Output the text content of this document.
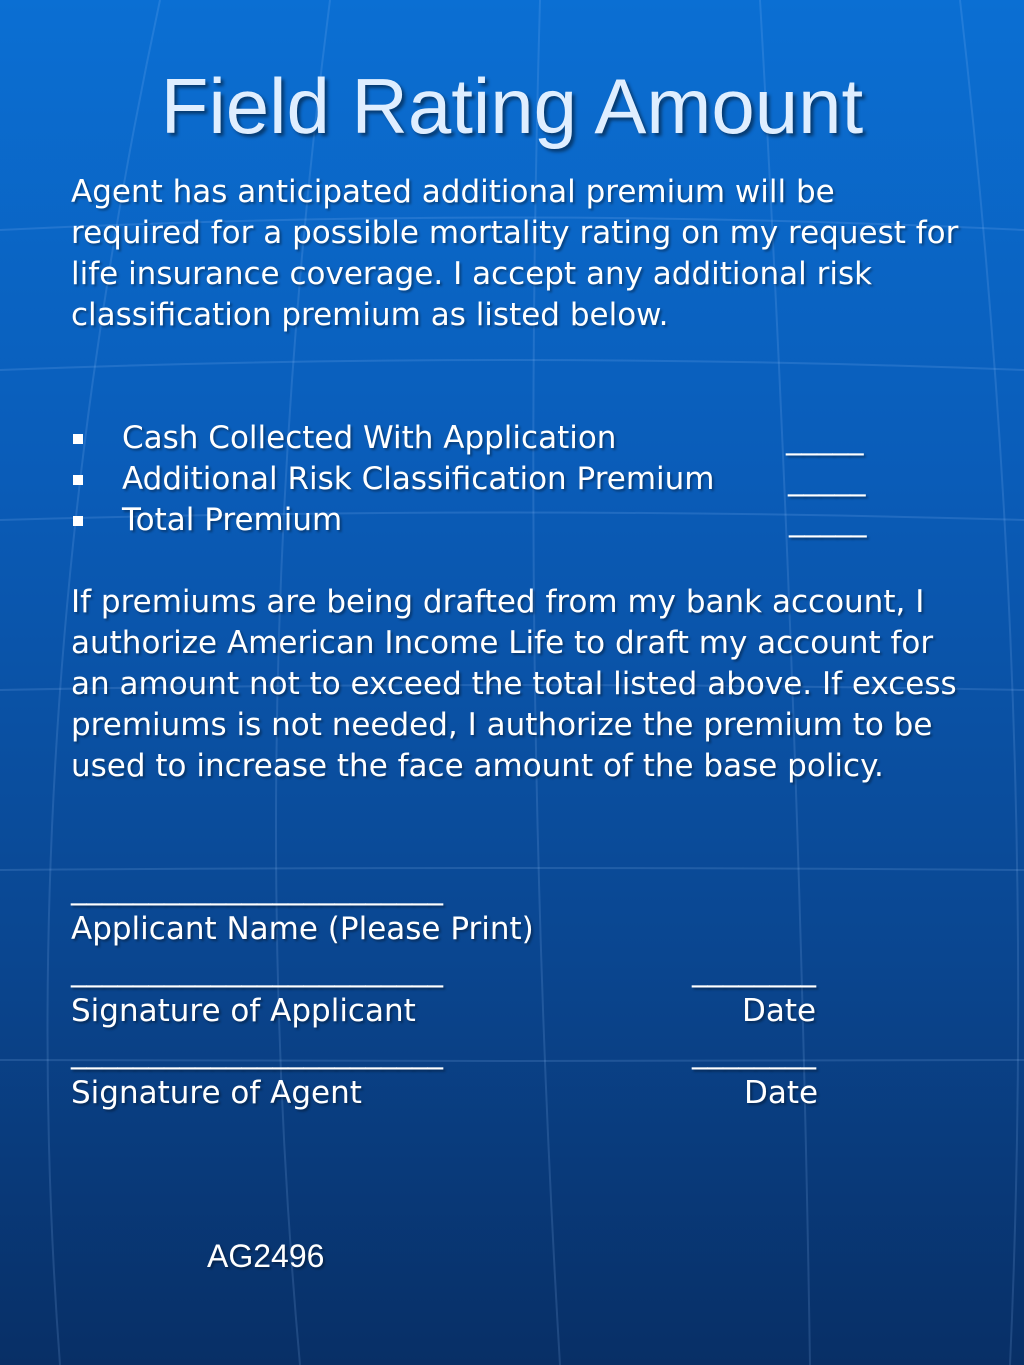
Field Rating Amount

Agent has anticipated additional premium will be required for a possible mortality rating on my request for life insurance coverage. I accept any additional risk classification premium as listed below.

Cash Collected With Application	_____
Additional Risk Classification Premium _____
Total Premium	_____

If premiums are being drafted from my bank account, I authorize American Income Life to draft my account for an amount not to exceed the total listed above. If excess premiums is not needed, I authorize the premium to be used to increase the face amount of the base policy.

________________________
Applicant Name (Please Print)
________________________	________
Signature of Applicant	Date
________________________	________
Signature of Agent	Date
AG2496
